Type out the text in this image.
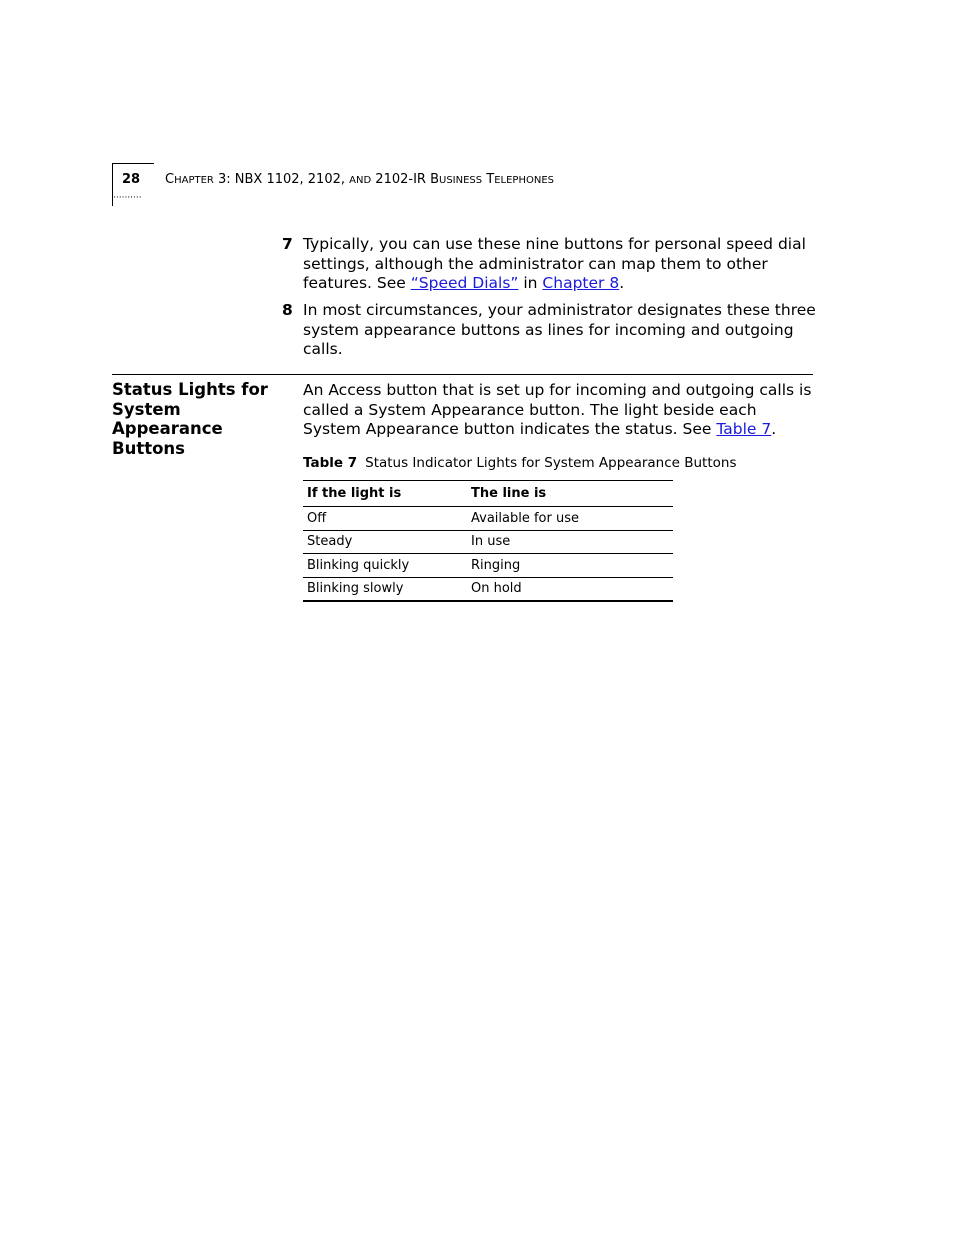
28
··········
CHAPTER 3: NBX 1102, 2102, AND 2102-IR BUSINESS TELEPHONES
7 Typically, you can use these nine buttons for personal speed dial settings, although the administrator can map them to other features. See “Speed Dials” in Chapter 8.
8 In most circumstances, your administrator designates these three system appearance buttons as lines for incoming and outgoing calls.
Status Lights for System Appearance Buttons
An Access button that is set up for incoming and outgoing calls is called a System Appearance button. The light beside each System Appearance button indicates the status. See Table 7.
Table 7 Status Indicator Lights for System Appearance Buttons
If the light is	The line is
Off	Available for use
Steady	In use
Blinking quickly	Ringing
Blinking slowly	On hold
